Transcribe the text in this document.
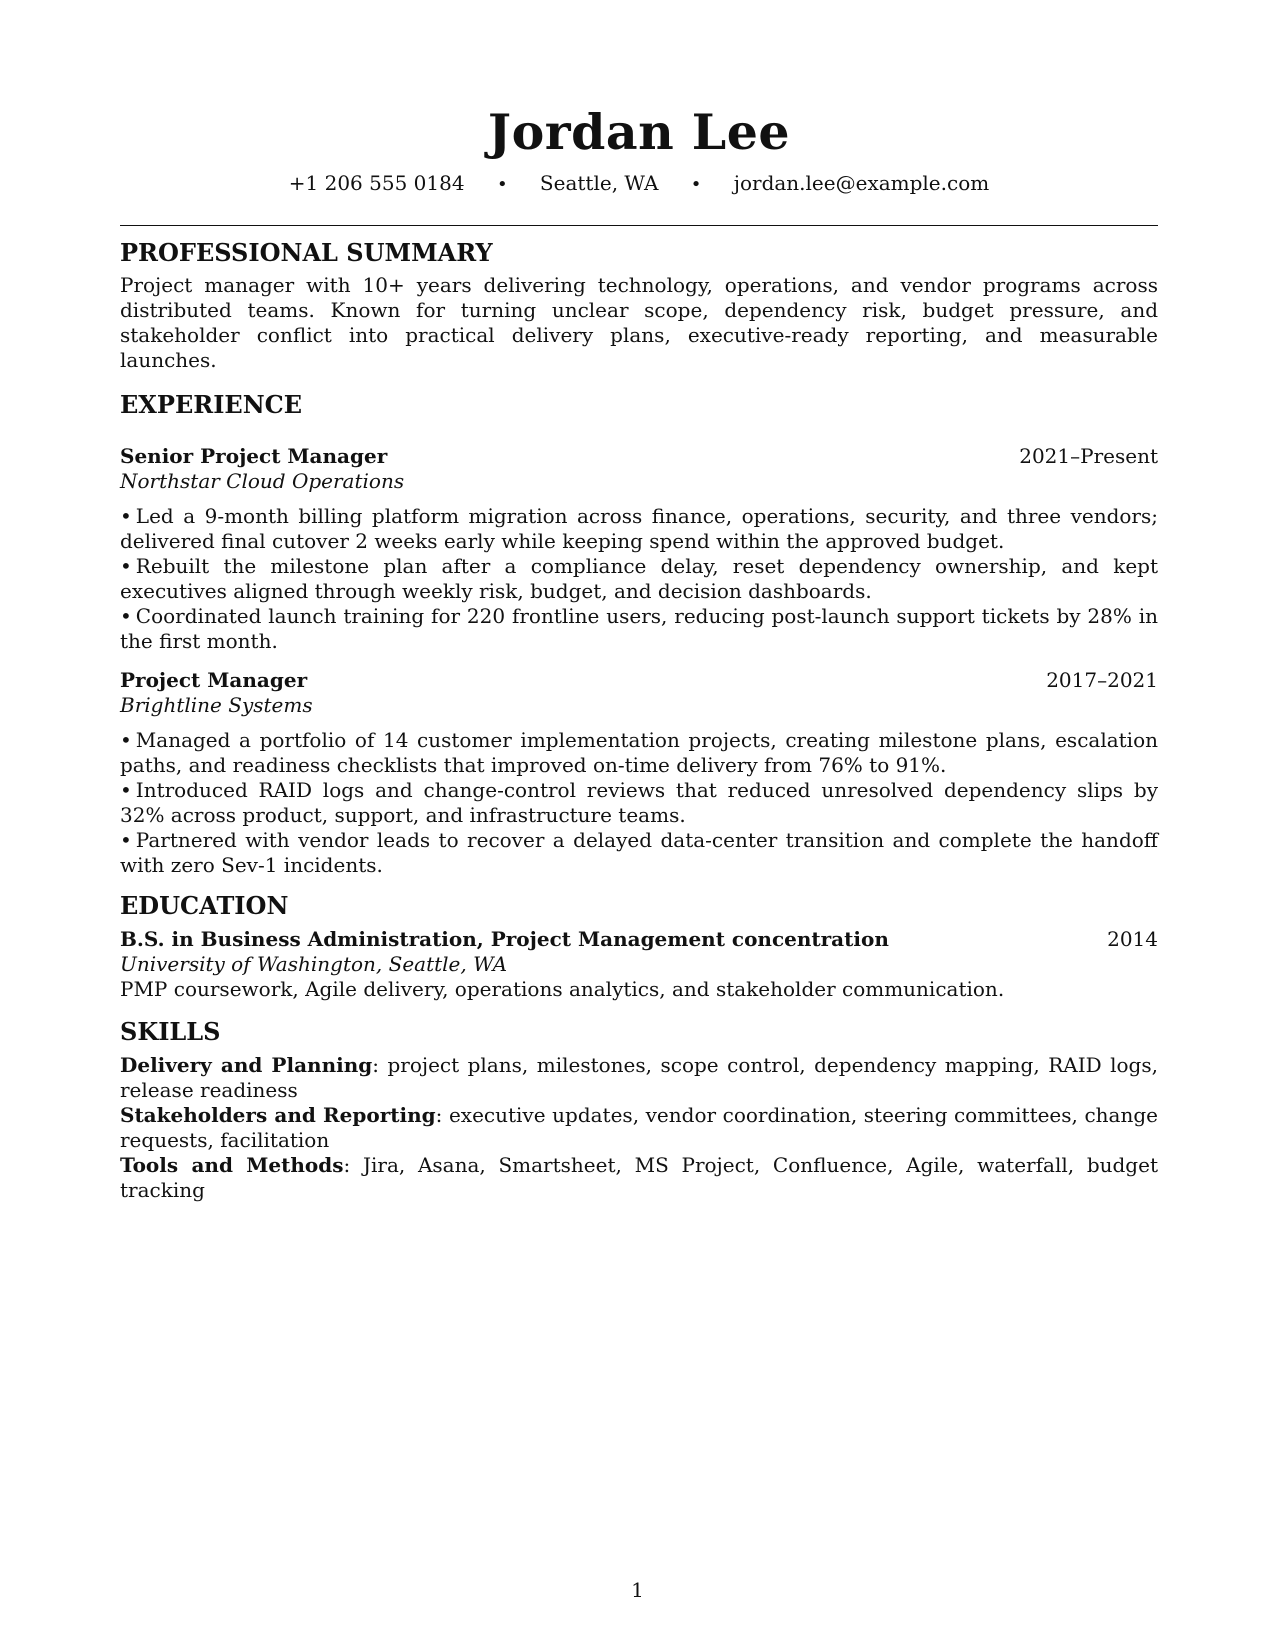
Jordan Lee
+1 206 555 0184 • Seattle, WA • jordan.lee@example.com
PROFESSIONAL SUMMARY
Project manager with 10+ years delivering technology, operations, and vendor programs across distributed teams. Known for turning unclear scope, dependency risk, budget pressure, and stakeholder conflict into practical delivery plans, executive-ready reporting, and measurable launches.
EXPERIENCE
Senior Project Manager	2021–Present
Northstar Cloud Operations
• Led a 9-month billing platform migration across finance, operations, security, and three vendors; delivered final cutover 2 weeks early while keeping spend within the approved budget.
• Rebuilt the milestone plan after a compliance delay, reset dependency ownership, and kept executives aligned through weekly risk, budget, and decision dashboards.
• Coordinated launch training for 220 frontline users, reducing post-launch support tickets by 28% in the first month.
Project Manager	2017–2021
Brightline Systems
• Managed a portfolio of 14 customer implementation projects, creating milestone plans, escalation paths, and readiness checklists that improved on-time delivery from 76% to 91%.
• Introduced RAID logs and change-control reviews that reduced unresolved dependency slips by 32% across product, support, and infrastructure teams.
• Partnered with vendor leads to recover a delayed data-center transition and complete the handoff with zero Sev-1 incidents.
EDUCATION
B.S. in Business Administration, Project Management concentration	2014
University of Washington, Seattle, WA
PMP coursework, Agile delivery, operations analytics, and stakeholder communication.
SKILLS
Delivery and Planning: project plans, milestones, scope control, dependency mapping, RAID logs, release readiness
Stakeholders and Reporting: executive updates, vendor coordination, steering committees, change requests, facilitation
Tools and Methods: Jira, Asana, Smartsheet, MS Project, Confluence, Agile, waterfall, budget tracking
1
